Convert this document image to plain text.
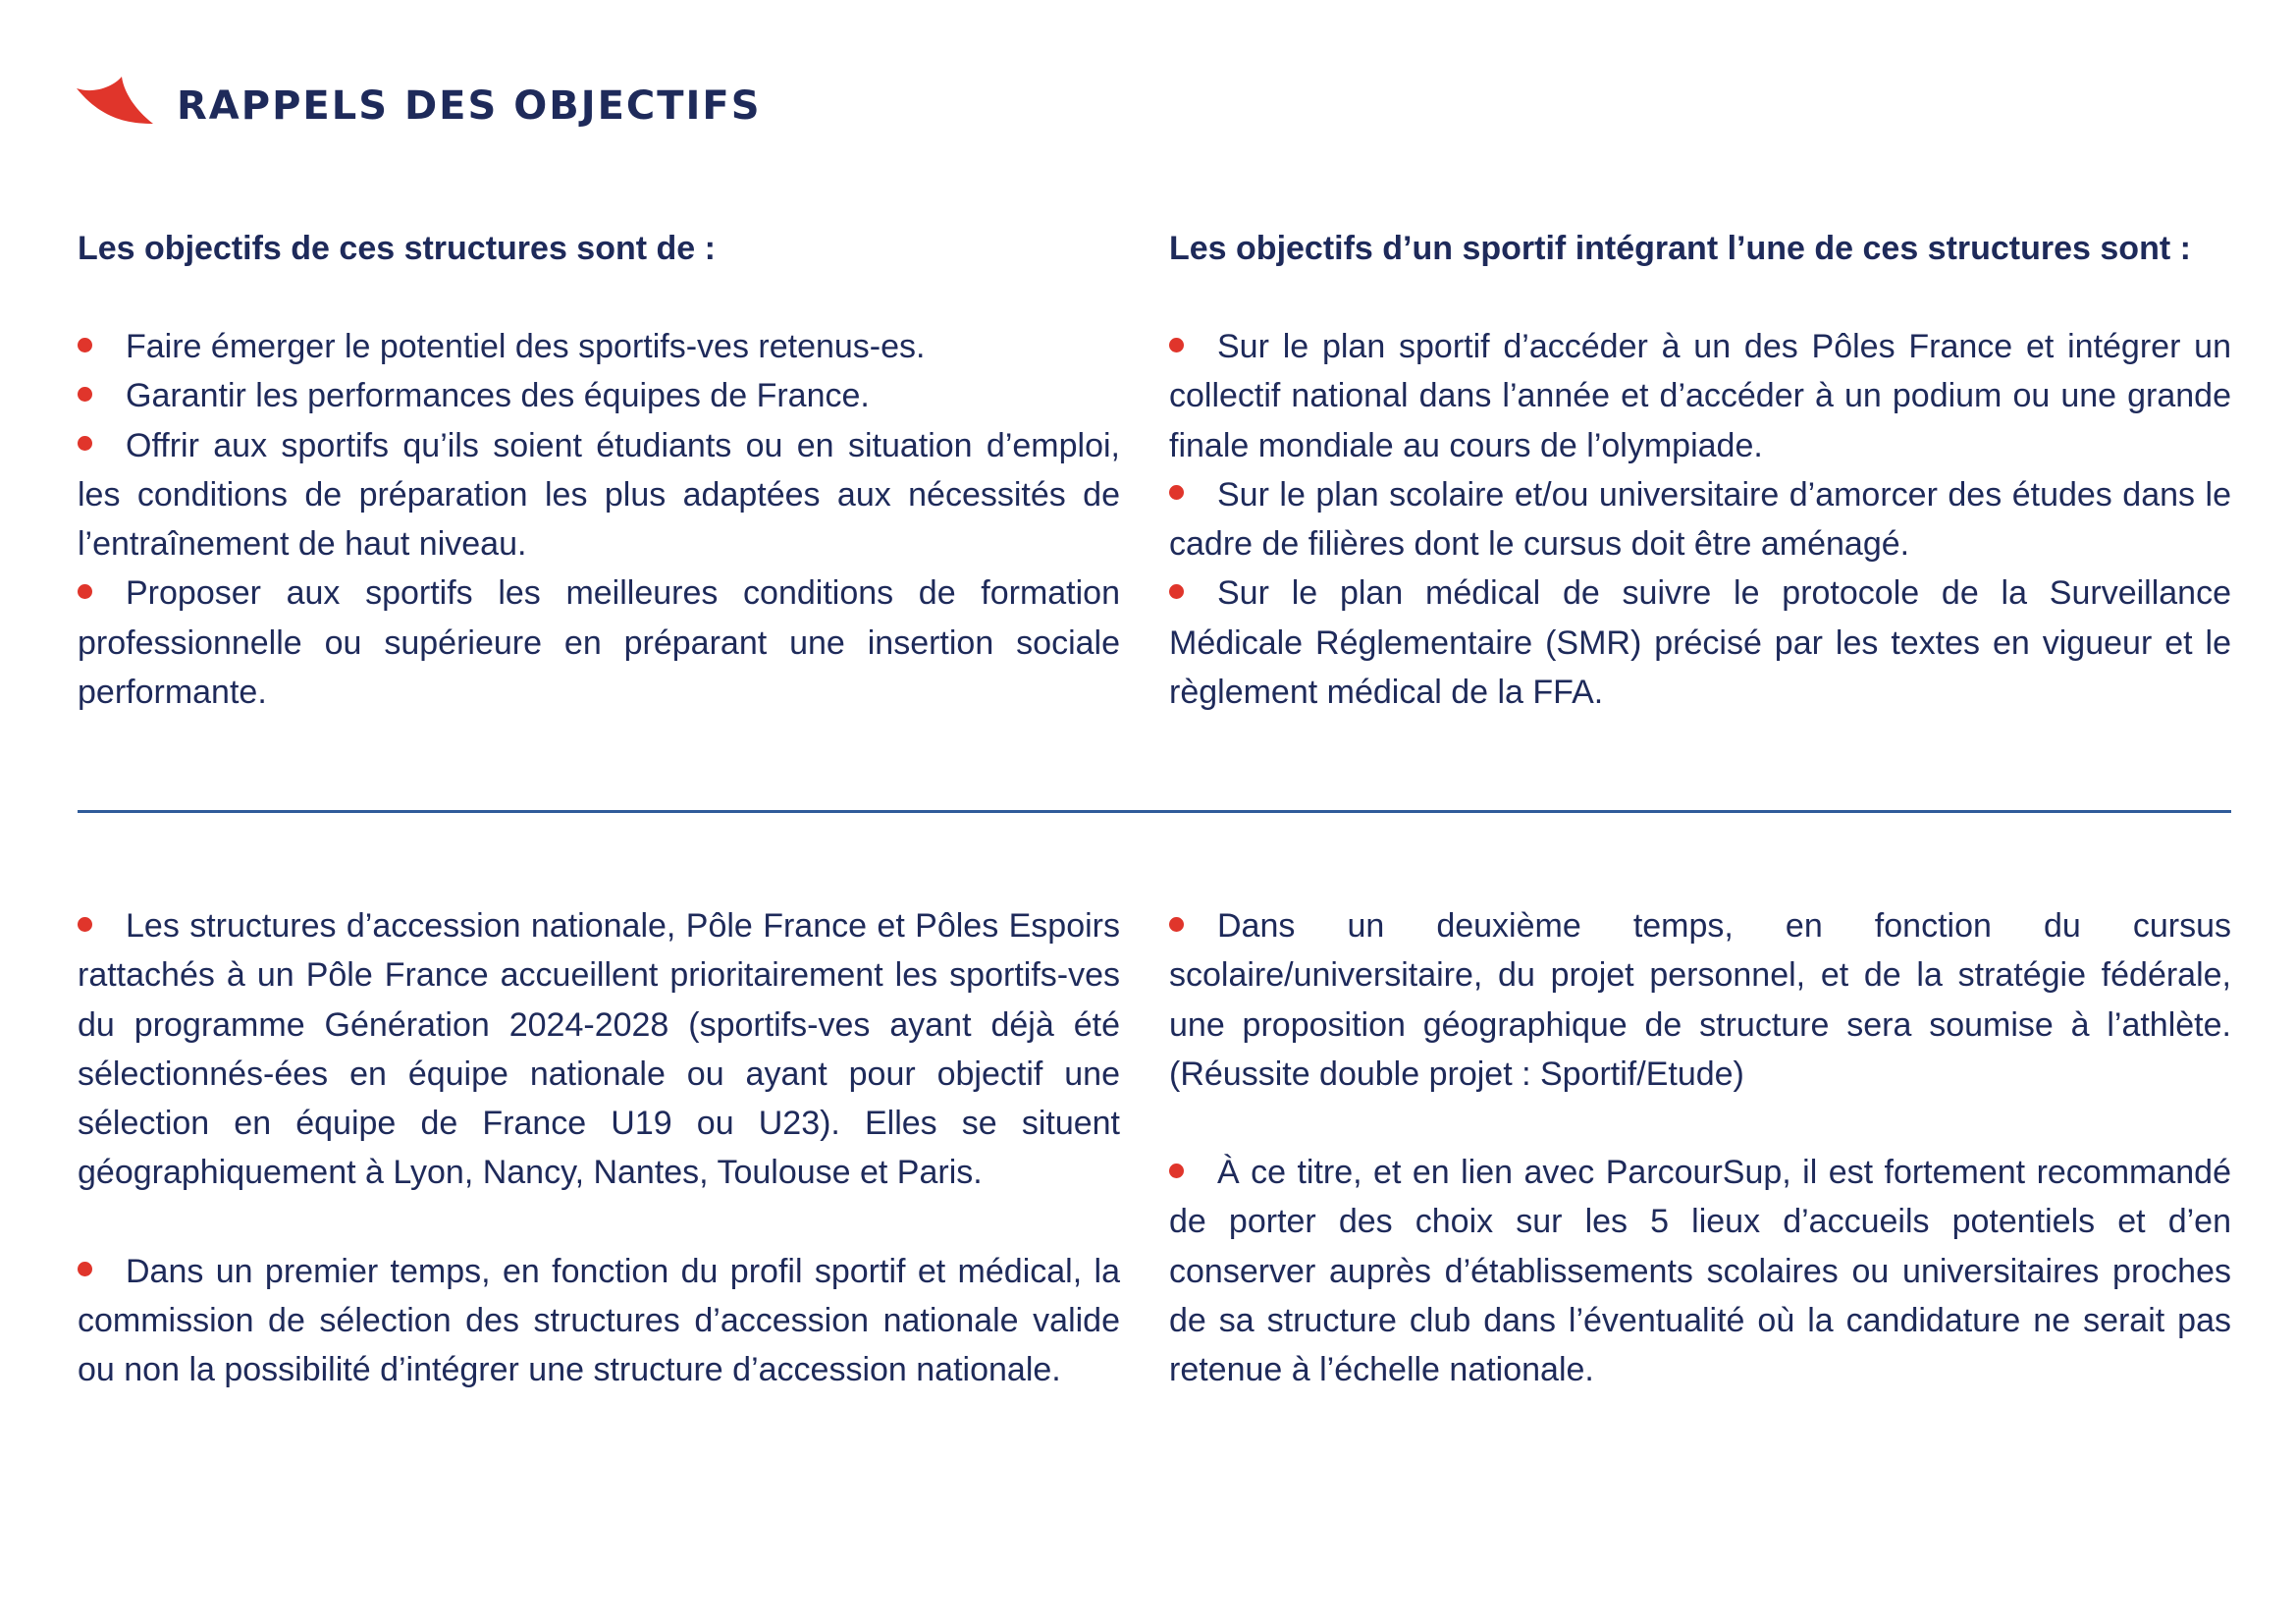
RAPPELS DES OBJECTIFS
Les objectifs de ces structures sont de :

Faire émerger le potentiel des sportifs-ves retenus-es.

Garantir les performances des équipes de France.

Offrir aux sportifs qu’ils soient étudiants ou en situation d’emploi, les conditions de préparation les plus adaptées aux nécessités de l’entraînement de haut niveau.

Proposer aux sportifs les meilleures conditions de formation professionnelle ou supérieure en préparant une insertion sociale performante.

Les objectifs d’un sportif intégrant l’une de ces structures sont :

Sur le plan sportif d’accéder à un des Pôles France et intégrer un collectif national dans l’année et d’accéder à un podium ou une grande finale mondiale au cours de l’olympiade.

Sur le plan scolaire et/ou universitaire d’amorcer des études dans le cadre de filières dont le cursus doit être aménagé.

Sur le plan médical de suivre le protocole de la Surveillance Médicale Réglementaire (SMR) précisé par les textes en vigueur et le règlement médical de la FFA.

Les structures d’accession nationale, Pôle France et Pôles Espoirs rattachés à un Pôle France accueillent prioritairement les sportifs-ves du programme Génération 2024-2028 (sportifs-ves ayant déjà été sélectionnés-ées en équipe nationale ou ayant pour objectif une sélection en équipe de France U19 ou U23). Elles se situent géographiquement à Lyon, Nancy, Nantes, Toulouse et Paris.

Dans un premier temps, en fonction du profil sportif et médical, la commission de sélection des structures d’accession nationale valide ou non la possibilité d’intégrer une structure d’accession nationale.

Dans un deuxième temps, en fonction du cursus scolaire/universitaire, du projet personnel, et de la stratégie fédérale, une proposition géographique de structure sera soumise à l’athlète. (Réussite double projet : Sportif/Etude)

À ce titre, et en lien avec ParcourSup, il est fortement recommandé de porter des choix sur les 5 lieux d’accueils potentiels et d’en conserver auprès d’établissements scolaires ou universitaires proches de sa structure club dans l’éventualité où la candidature ne serait pas retenue à l’échelle nationale.
